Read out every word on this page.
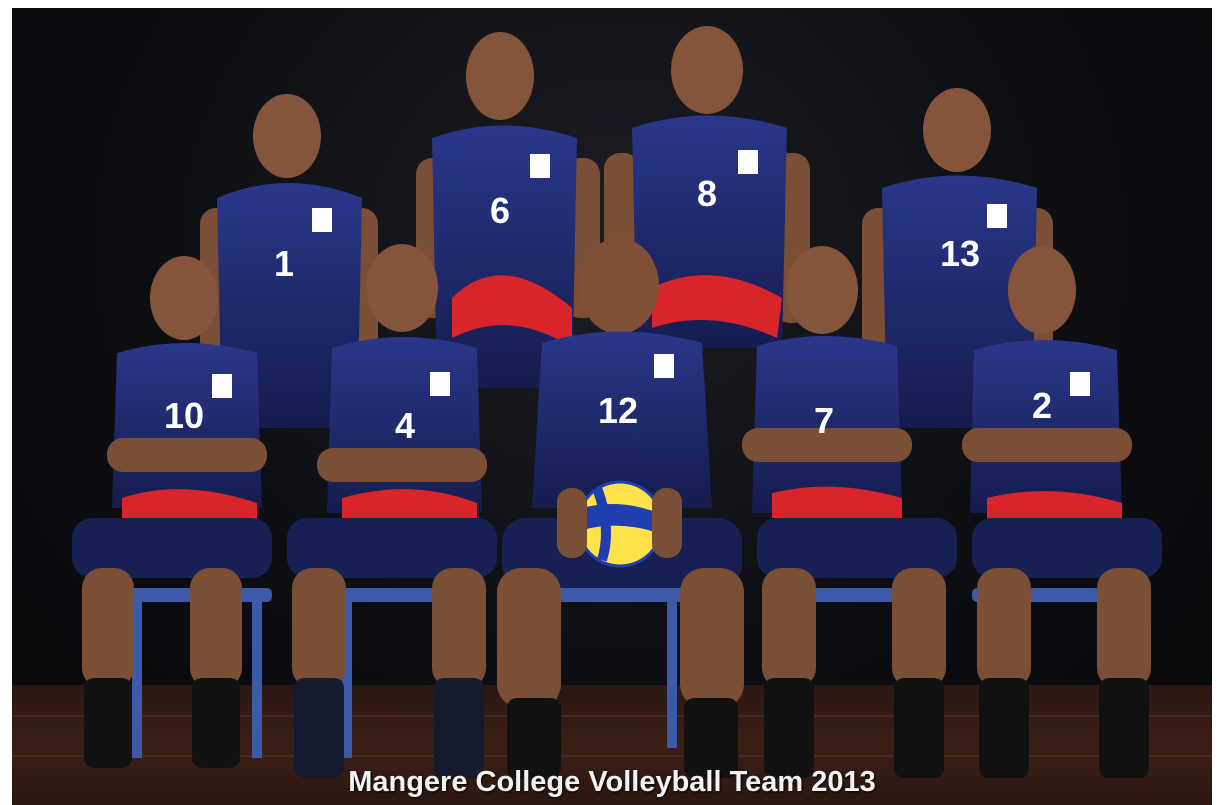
1
6	8
13
10	4	12	7	2
Mangere College Volleyball Team 2013
